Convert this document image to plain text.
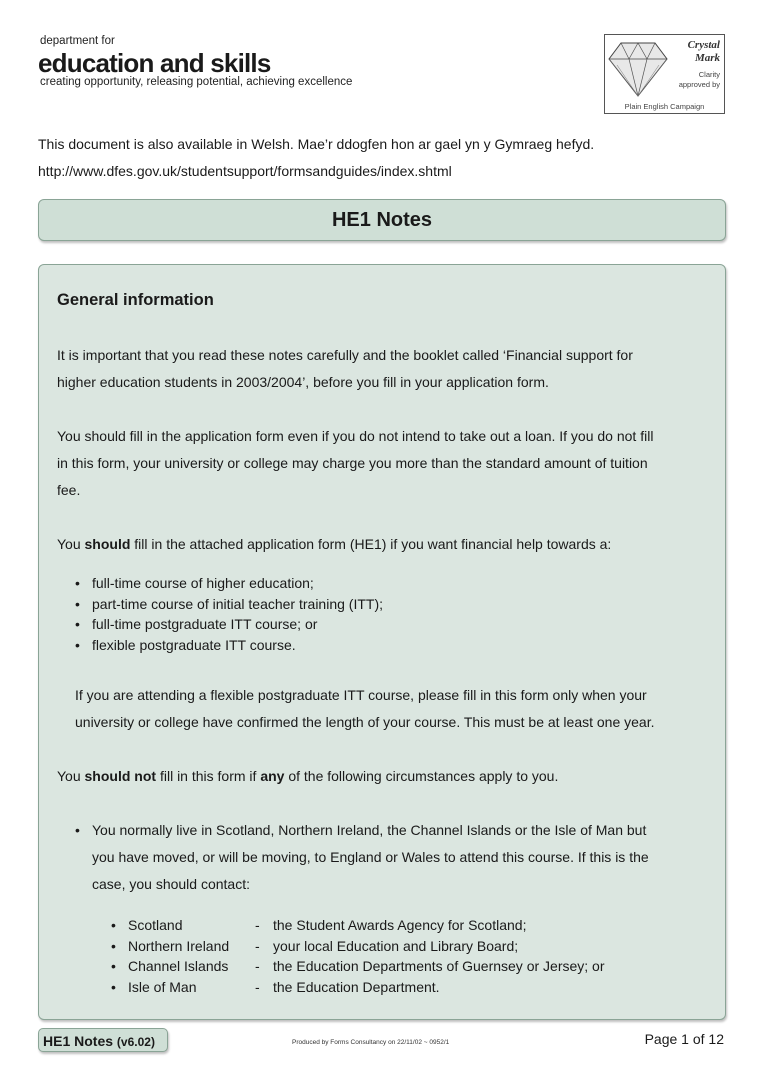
department for
education and skills
creating opportunity, releasing potential, achieving excellence
Crystal Mark
Clarity
approved by
Plain English Campaign
This document is also available in Welsh. Mae’r ddogfen hon ar gael yn y Gymraeg hefyd.
http://www.dfes.gov.uk/studentsupport/formsandguides/index.shtml
HE1 Notes
General information
It is important that you read these notes carefully and the booklet called ‘Financial support for
higher education students in 2003/2004’, before you fill in your application form.
You should fill in the application form even if you do not intend to take out a loan. If you do not fill
in this form, your university or college may charge you more than the standard amount of tuition
fee.
You should fill in the attached application form (HE1) if you want financial help towards a:
• full-time course of higher education;
• part-time course of initial teacher training (ITT);
• full-time postgraduate ITT course; or
• flexible postgraduate ITT course.
If you are attending a flexible postgraduate ITT course, please fill in this form only when your
university or college have confirmed the length of your course. This must be at least one year.
You should not fill in this form if any of the following circumstances apply to you.
• You normally live in Scotland, Northern Ireland, the Channel Islands or the Isle of Man but
you have moved, or will be moving, to England or Wales to attend this course. If this is the
case, you should contact:
• Scotland	- the Student Awards Agency for Scotland;
• Northern Ireland - your local Education and Library Board;
• Channel Islands - the Education Departments of Guernsey or Jersey; or
• Isle of Man	- the Education Department.
HE1 Notes (v6.02)	Produced by Forms Consultancy on 22/11/02 ~ 0952/1	Page 1 of 12
